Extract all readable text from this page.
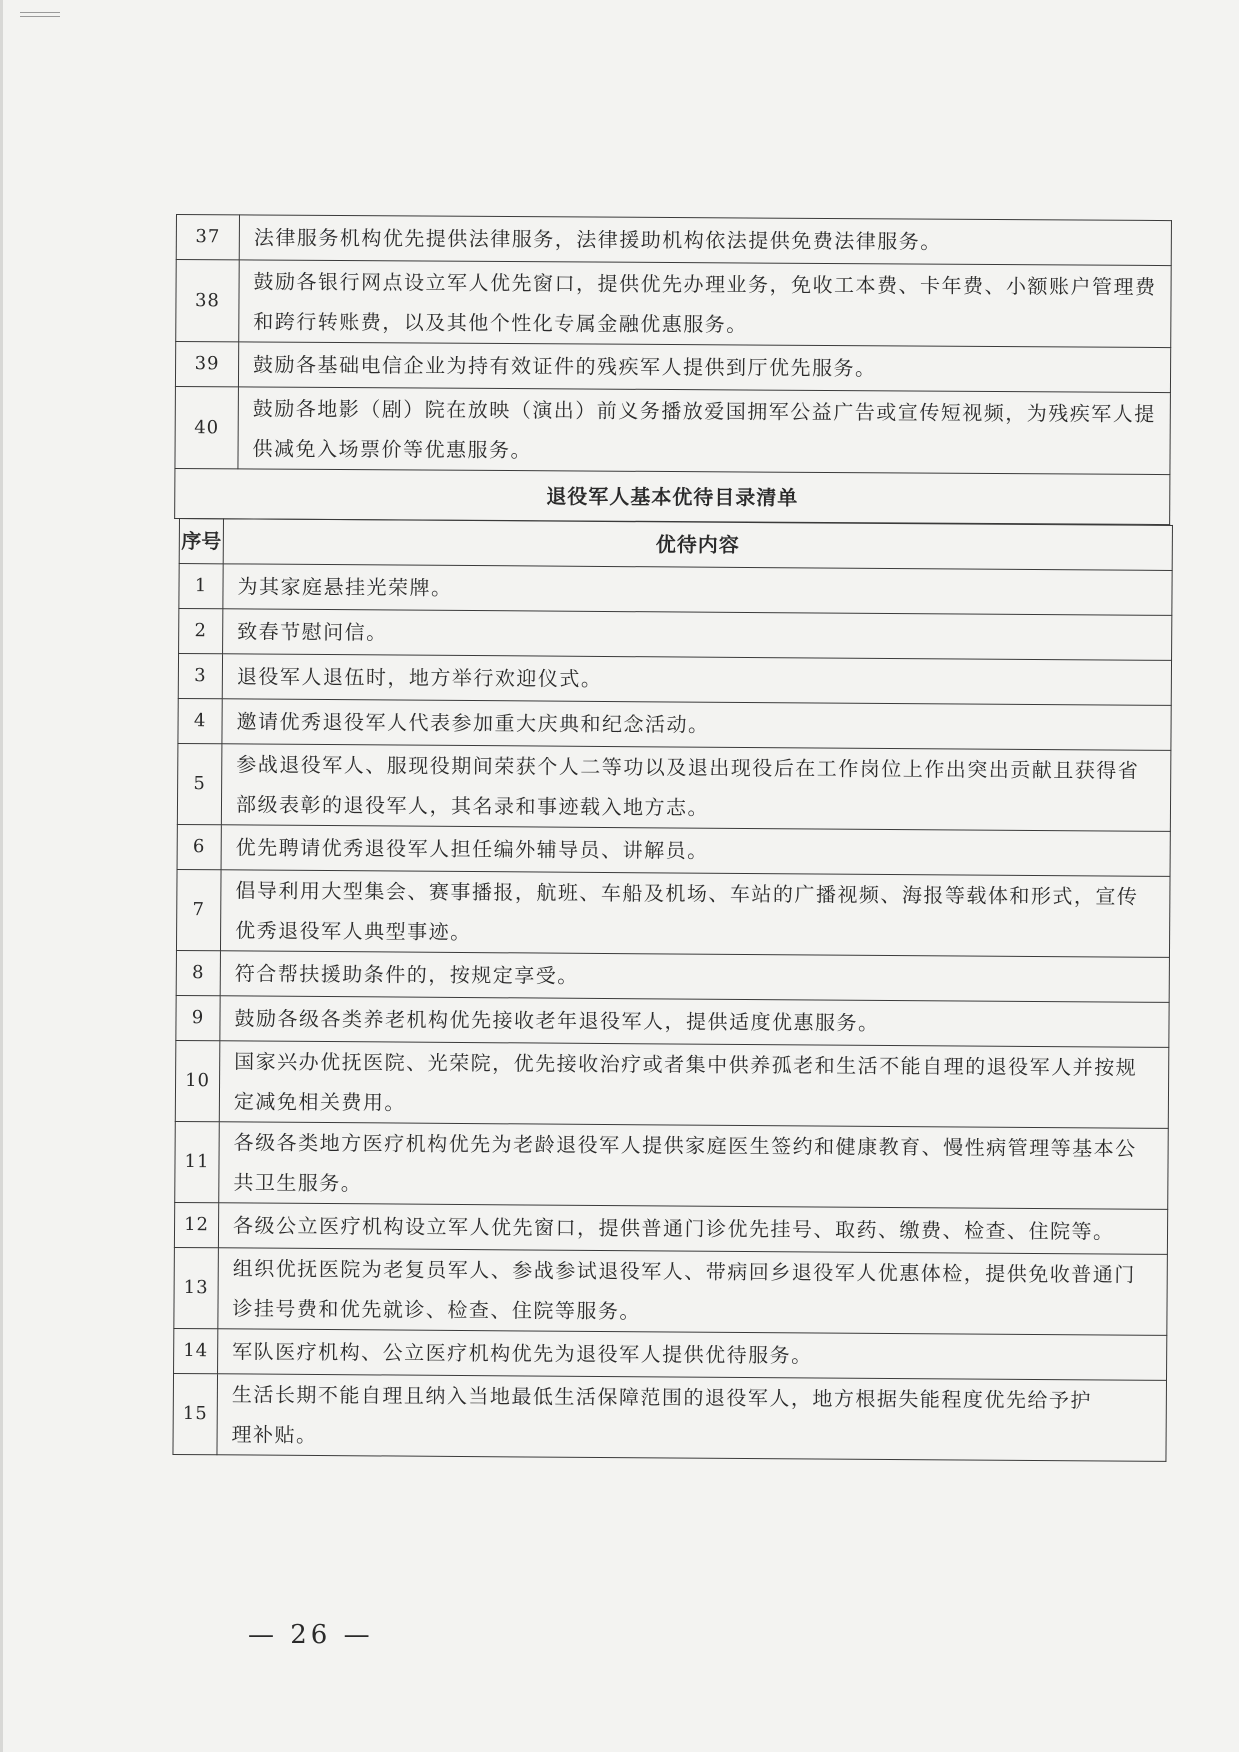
37	法律服务机构优先提供法律服务，法律援助机构依法提供免费法律服务。

38	鼓励各银行网点设立军人优先窗口，提供优先办理业务，免收工本费、卡年费、小额账户管理费
和跨行转账费，以及其他个性化专属金融优惠服务。

39	鼓励各基础电信企业为持有效证件的残疾军人提供到厅优先服务。

40	鼓励各地影（剧）院在放映（演出）前义务播放爱国拥军公益广告或宣传短视频，为残疾军人提
供减免入场票价等优惠服务。

退役军人基本优待目录清单	
序号	优待内容
1	为其家庭悬挂光荣牌。

2	致春节慰问信。

3	退役军人退伍时，地方举行欢迎仪式。

4	邀请优秀退役军人代表参加重大庆典和纪念活动。

5	参战退役军人、服现役期间荣获个人二等功以及退出现役后在工作岗位上作出突出贡献且获得省
部级表彰的退役军人，其名录和事迹载入地方志。

6	优先聘请优秀退役军人担任编外辅导员、讲解员。

7	倡导利用大型集会、赛事播报，航班、车船及机场、车站的广播视频、海报等载体和形式，宣传
优秀退役军人典型事迹。

8	符合帮扶援助条件的，按规定享受。

9	鼓励各级各类养老机构优先接收老年退役军人，提供适度优惠服务。

10	国家兴办优抚医院、光荣院，优先接收治疗或者集中供养孤老和生活不能自理的退役军人并按规
定减免相关费用。

11	各级各类地方医疗机构优先为老龄退役军人提供家庭医生签约和健康教育、慢性病管理等基本公
共卫生服务。

12	各级公立医疗机构设立军人优先窗口，提供普通门诊优先挂号、取药、缴费、检查、住院等。

13	组织优抚医院为老复员军人、参战参试退役军人、带病回乡退役军人优惠体检，提供免收普通门
诊挂号费和优先就诊、检查、住院等服务。

14	军队医疗机构、公立医疗机构优先为退役军人提供优待服务。

15	生活长期不能自理且纳入当地最低生活保障范围的退役军人，地方根据失能程度优先给予护
理补贴。
— 26 —
